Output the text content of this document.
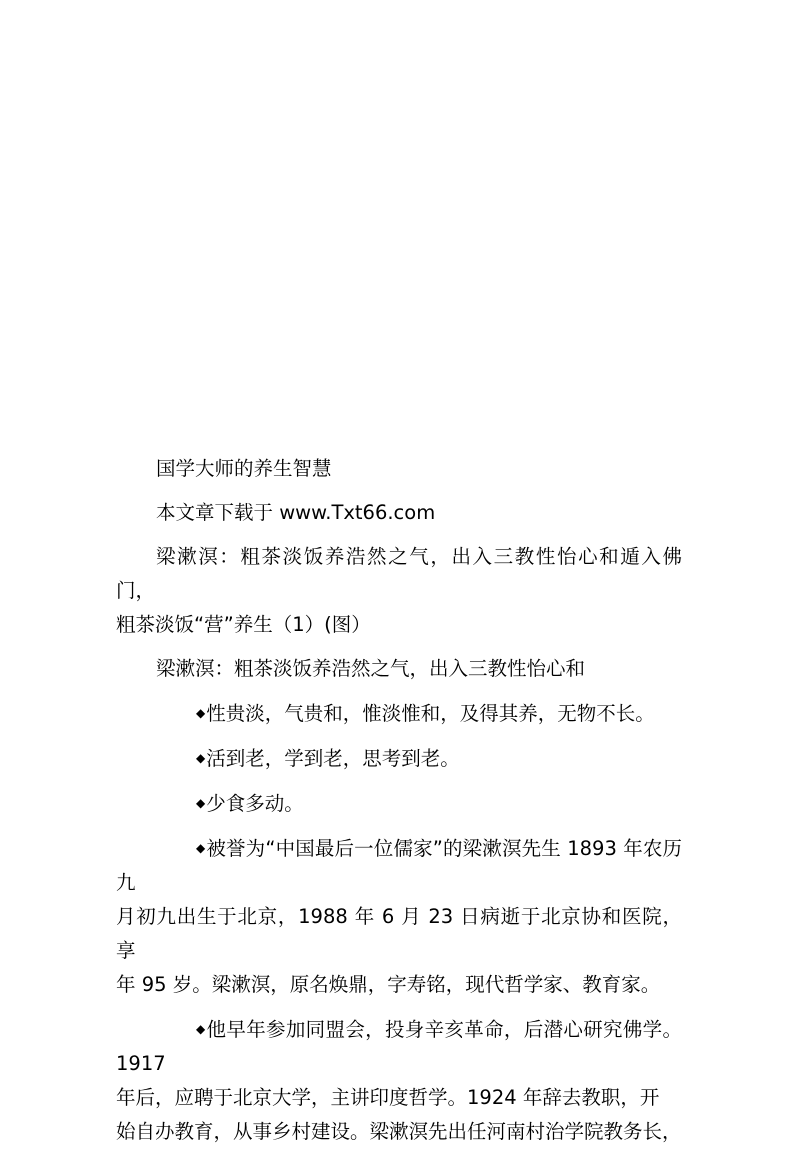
国学大师的养生智慧

本文章下载于 www.Txt66.com

梁漱溟：粗茶淡饭养浩然之气，出入三教性怡心和遁入佛门，
粗茶淡饭“营”养生（1）(图）

梁漱溟：粗茶淡饭养浩然之气，出入三教性怡心和

◆性贵淡，气贵和，惟淡惟和，及得其养，无物不长。

◆活到老，学到老，思考到老。

◆少食多动。

◆被誉为“中国最后一位儒家”的梁漱溟先生 1893 年农历九
月初九出生于北京，1988 年 6 月 23 日病逝于北京协和医院，享
年 95 岁。梁漱溟，原名焕鼎，字寿铭，现代哲学家、教育家。

◆他早年参加同盟会，投身辛亥革命，后潜心研究佛学。1917
年后，应聘于北京大学，主讲印度哲学。1924 年辞去教职，开
始自办教育，从事乡村建设。梁漱溟先出任河南村治学院教务长，
